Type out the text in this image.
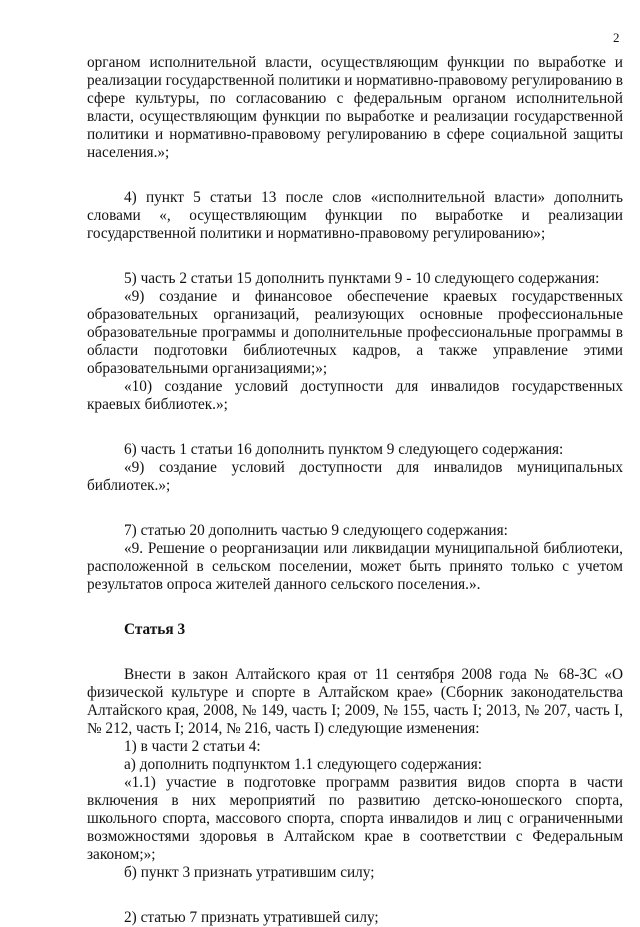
2

органом исполнительной власти, осуществляющим функции по выработке и реализации государственной политики и нормативно-правовому регулированию в сфере культуры, по согласованию с федеральным органом исполнительной власти, осуществляющим функции по выработке и реализации государственной политики и нормативно-правовому регулированию в сфере социальной защиты населения.»;

4) пункт 5 статьи 13 после слов «исполнительной власти» дополнить словами «, осуществляющим функции по выработке и реализации государственной политики и нормативно-правовому регулированию»;

5) часть 2 статьи 15 дополнить пунктами 9 - 10 следующего содержания:

«9) создание и финансовое обеспечение краевых государственных образовательных организаций, реализующих основные профессиональные образовательные программы и дополнительные профессиональные программы в области подготовки библиотечных кадров, а также управление этими образовательными организациями;»;

«10) создание условий доступности для инвалидов государственных краевых библиотек.»;

6) часть 1 статьи 16 дополнить пунктом 9 следующего содержания:

«9) создание условий доступности для инвалидов муниципальных библиотек.»;

7) статью 20 дополнить частью 9 следующего содержания:

«9. Решение о реорганизации или ликвидации муниципальной библиотеки, расположенной в сельском поселении, может быть принято только с учетом результатов опроса жителей данного сельского поселения.».

Статья 3

Внести в закон Алтайского края от 11 сентября 2008 года № 68-ЗС «О физической культуре и спорте в Алтайском крае» (Сборник законодательства Алтайского края, 2008, № 149, часть I; 2009, № 155, часть I; 2013, № 207, часть I, № 212, часть I; 2014, № 216, часть I) следующие изменения:

1) в части 2 статьи 4:

а) дополнить подпунктом 1.1 следующего содержания:

«1.1) участие в подготовке программ развития видов спорта в части включения в них мероприятий по развитию детско-юношеского спорта, школьного спорта, массового спорта, спорта инвалидов и лиц с ограниченными возможностями здоровья в Алтайском крае в соответствии с Федеральным законом;»;

б) пункт 3 признать утратившим силу;

2) статью 7 признать утратившей силу;
